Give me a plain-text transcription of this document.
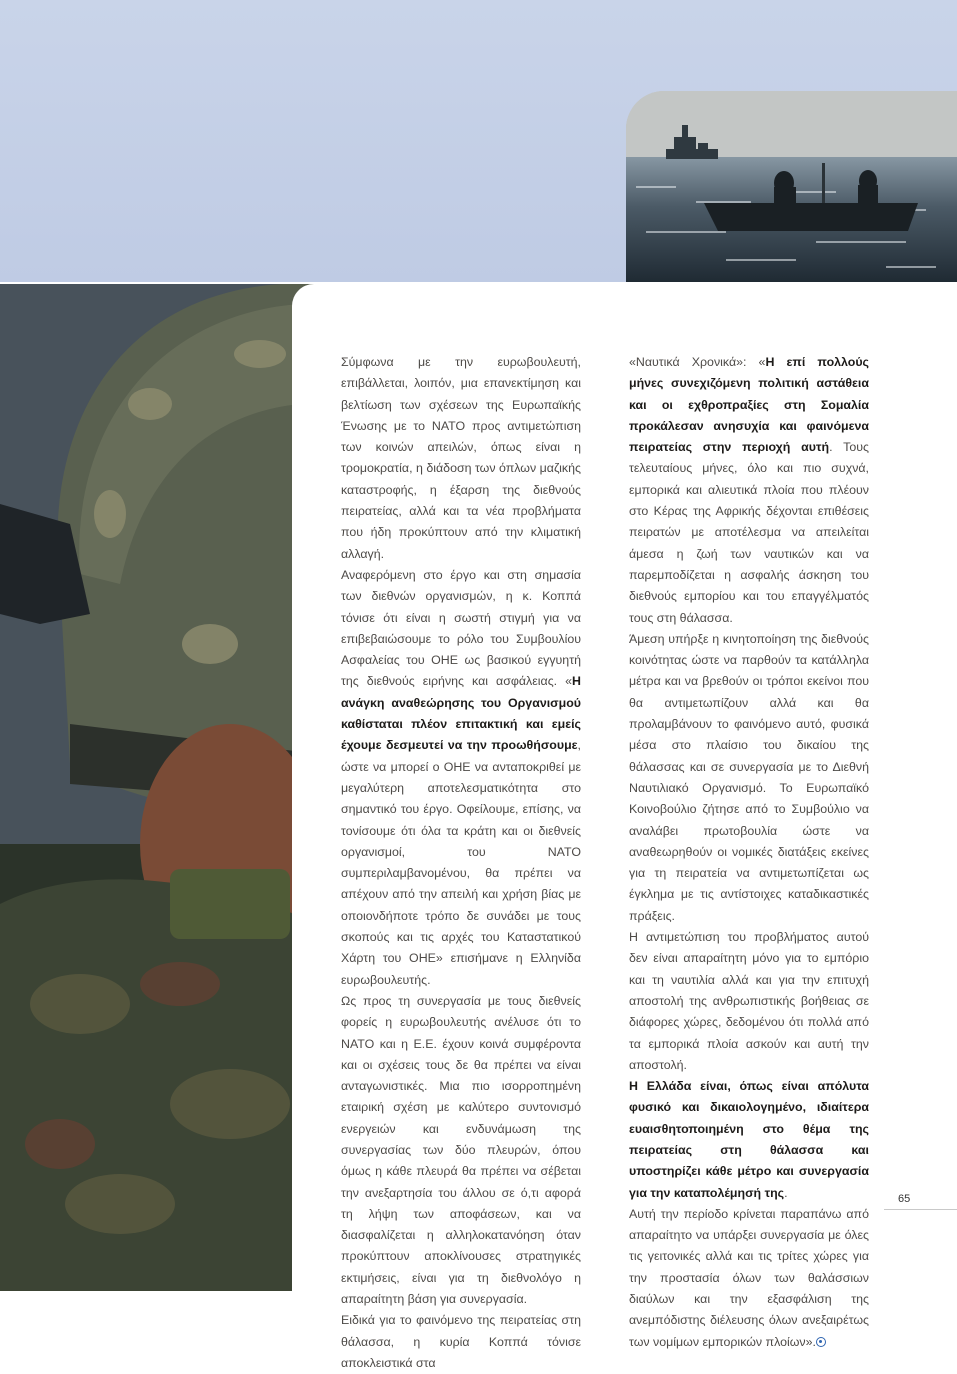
Σύμφωνα με την ευρωβουλευτή, επιβάλλεται, λοιπόν, μια επανεκτίμηση και βελτίωση των σχέσεων της Ευρωπαϊκής Ένωσης με το ΝΑΤΟ προς αντιμετώπιση των κοινών απειλών, όπως είναι η τρομοκρατία, η διάδοση των όπλων μαζικής καταστροφής, η έξαρση της διεθνούς πειρατείας, αλλά και τα νέα προβλήματα που ήδη προκύπτουν από την κλιματική αλλαγή.

Αναφερόμενη στο έργο και στη σημασία των διεθνών οργανισμών, η κ. Κοππά τόνισε ότι είναι η σωστή στιγμή για να επιβεβαιώσουμε το ρόλο του Συμβουλίου Ασφαλείας του ΟΗΕ ως βασικού εγγυητή της διεθνούς ειρήνης και ασφάλειας. «Η ανάγκη αναθεώρησης του Οργανισμού καθίσταται πλέον επιτακτική και εμείς έχουμε δεσμευτεί να την προωθήσουμε, ώστε να μπορεί ο ΟΗΕ να ανταποκριθεί με μεγαλύτερη αποτελεσματικότητα στο σημαντικό του έργο. Οφείλουμε, επίσης, να τονίσουμε ότι όλα τα κράτη και οι διεθνείς οργανισμοί, του ΝΑΤΟ συμπεριλαμβανομένου, θα πρέπει να απέχουν από την απειλή και χρήση βίας με οποιονδήποτε τρόπο δε συνάδει με τους σκοπούς και τις αρχές του Καταστατικού Χάρτη του ΟΗΕ» επισήμανε η Ελληνίδα ευρωβουλευτής.

Ως προς τη συνεργασία με τους διεθνείς φορείς η ευρωβουλευτής ανέλυσε ότι το ΝΑΤΟ και η Ε.Ε. έχουν κοινά συμφέροντα και οι σχέσεις τους δε θα πρέπει να είναι ανταγωνιστικές. Μια πιο ισορροπημένη εταιρική σχέση με καλύτερο συντονισμό ενεργειών και ενδυνάμωση της συνεργασίας των δύο πλευρών, όπου όμως η κάθε πλευρά θα πρέπει να σέβεται την ανεξαρτησία του άλλου σε ό,τι αφορά τη λήψη των αποφάσεων, και να διασφαλίζεται η αλληλοκατανόηση όταν προκύπτουν αποκλίνουσες στρατηγικές εκτιμήσεις, είναι για τη διεθνολόγο η απαραίτητη βάση για συνεργασία.

Ειδικά για το φαινόμενο της πειρατείας στη θάλασσα, η κυρία Κοππά τόνισε αποκλειστικά στα

«Ναυτικά Χρονικά»: «Η επί πολλούς μήνες συνεχιζόμενη πολιτική αστάθεια και οι εχθροπραξίες στη Σομαλία προκάλεσαν ανησυχία και φαινόμενα πειρατείας στην περιοχή αυτή. Τους τελευταίους μήνες, όλο και πιο συχνά, εμπορικά και αλιευτικά πλοία που πλέουν στο Κέρας της Αφρικής δέχονται επιθέσεις πειρατών με αποτέλεσμα να απειλείται άμεσα η ζωή των ναυτικών και να παρεμποδίζεται η ασφαλής άσκηση του διεθνούς εμπορίου και του επαγγέλματός τους στη θάλασσα.

Άμεση υπήρξε η κινητοποίηση της διεθνούς κοινότητας ώστε να παρθούν τα κατάλληλα μέτρα και να βρεθούν οι τρόποι εκείνοι που θα αντιμετωπίζουν αλλά και θα προλαμβάνουν το φαινόμενο αυτό, φυσικά μέσα στο πλαίσιο του δικαίου της θάλασσας και σε συνεργασία με το Διεθνή Ναυτιλιακό Οργανισμό. Το Ευρωπαϊκό Κοινοβούλιο ζήτησε από το Συμβούλιο να αναλάβει πρωτοβουλία ώστε να αναθεωρηθούν οι νομικές διατάξεις εκείνες για τη πειρατεία να αντιμετωπίζεται ως έγκλημα με τις αντίστοιχες καταδικαστικές πράξεις.

Η αντιμετώπιση του προβλήματος αυτού δεν είναι απαραίτητη μόνο για το εμπόριο και τη ναυτιλία αλλά και για την επιτυχή αποστολή της ανθρωπιστικής βοήθειας σε διάφορες χώρες, δεδομένου ότι πολλά από τα εμπορικά πλοία ασκούν και αυτή την αποστολή.

Η Ελλάδα είναι, όπως είναι απόλυτα φυσικό και δικαιολογημένο, ιδιαίτερα ευαισθητοποιημένη στο θέμα της πειρατείας στη θάλασσα και υποστηρίζει κάθε μέτρο και συνεργασία για την καταπολέμησή της.

Αυτή την περίοδο κρίνεται παραπάνω από απαραίτητο να υπάρξει συνεργασία με όλες τις γειτονικές αλλά και τις τρίτες χώρες για την προστασία όλων των θαλάσσιων διαύλων και την εξασφάλιση της ανεμπόδιστης διέλευσης όλων ανεξαιρέτως των νομίμων εμπορικών πλοίων».

65
